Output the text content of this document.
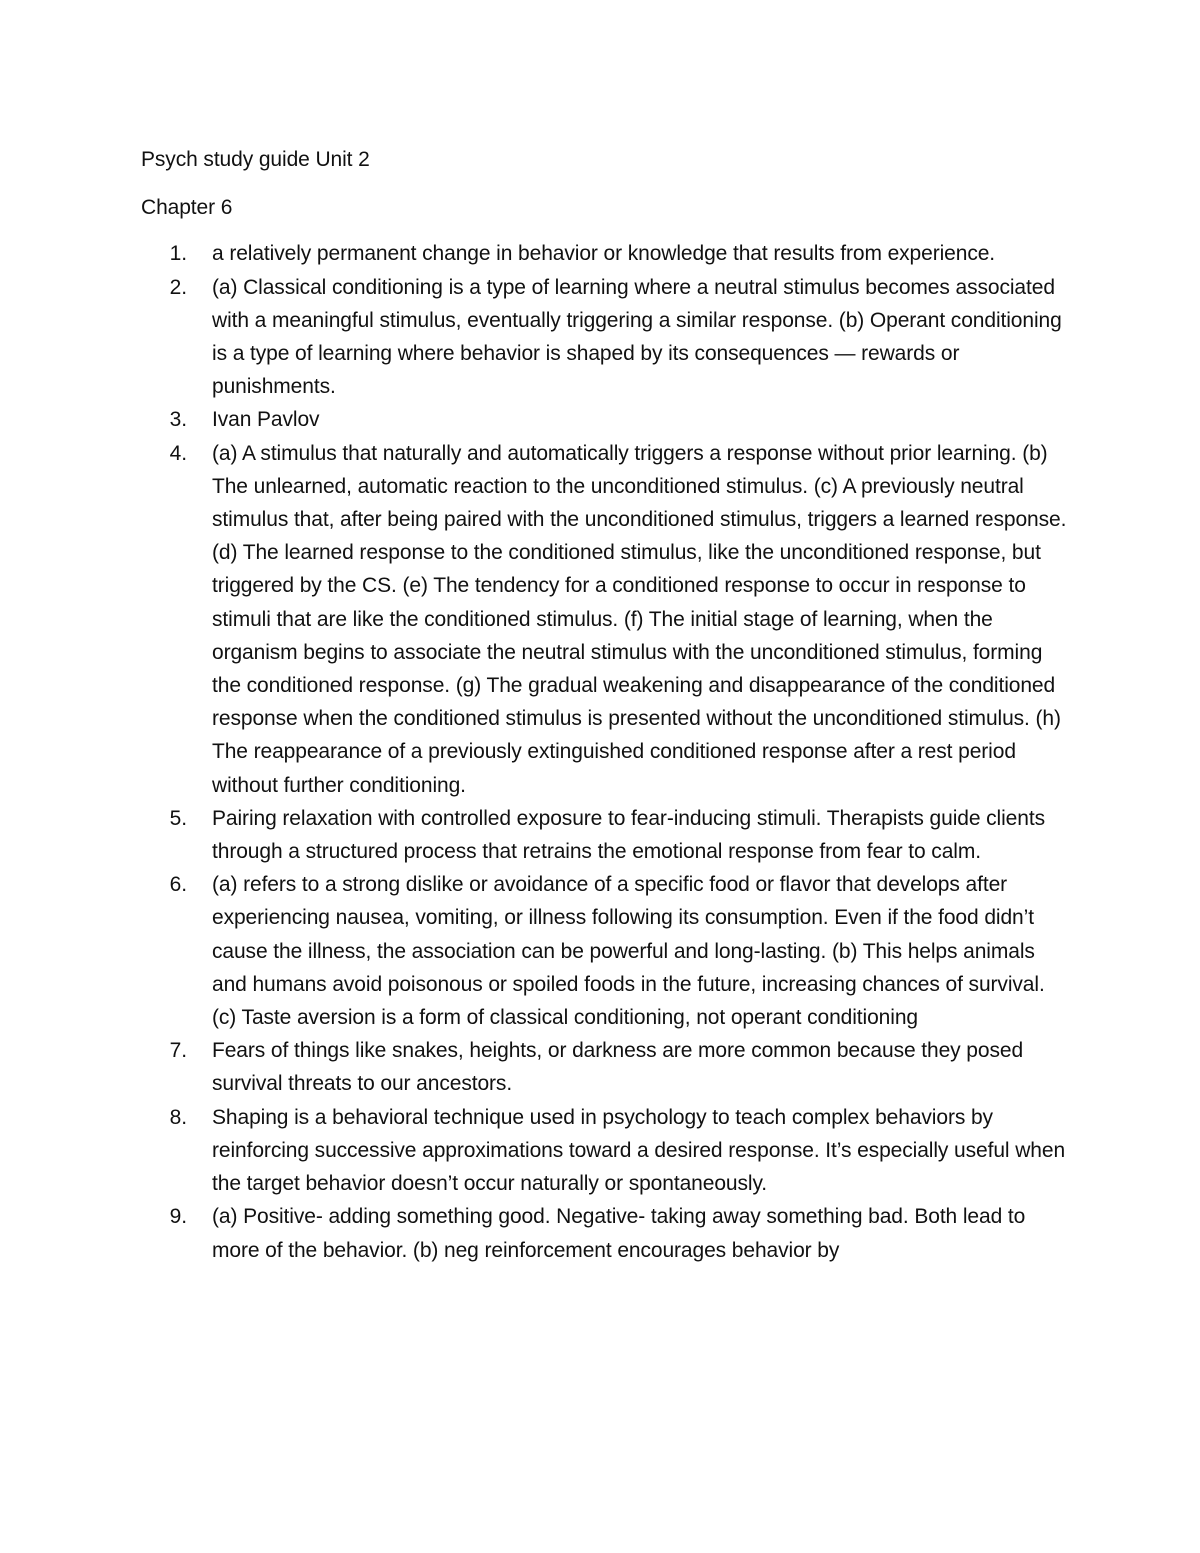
Psych study guide Unit 2
Chapter 6
1. a relatively permanent change in behavior or knowledge that results from experience.
2. (a) Classical conditioning is a type of learning where a neutral stimulus becomes associated with a meaningful stimulus, eventually triggering a similar response. (b) Operant conditioning is a type of learning where behavior is shaped by its consequences — rewards or punishments.
3. Ivan Pavlov
4. (a) A stimulus that naturally and automatically triggers a response without prior learning. (b) The unlearned, automatic reaction to the unconditioned stimulus. (c) A previously neutral stimulus that, after being paired with the unconditioned stimulus, triggers a learned response. (d) The learned response to the conditioned stimulus, like the unconditioned response, but triggered by the CS. (e) The tendency for a conditioned response to occur in response to stimuli that are like the conditioned stimulus. (f) The initial stage of learning, when the organism begins to associate the neutral stimulus with the unconditioned stimulus, forming the conditioned response. (g) The gradual weakening and disappearance of the conditioned response when the conditioned stimulus is presented without the unconditioned stimulus. (h) The reappearance of a previously extinguished conditioned response after a rest period without further conditioning.
5. Pairing relaxation with controlled exposure to fear-inducing stimuli. Therapists guide clients through a structured process that retrains the emotional response from fear to calm.
6. (a) refers to a strong dislike or avoidance of a specific food or flavor that develops after experiencing nausea, vomiting, or illness following its consumption. Even if the food didn’t cause the illness, the association can be powerful and long-lasting. (b) This helps animals and humans avoid poisonous or spoiled foods in the future, increasing chances of survival. (c) Taste aversion is a form of classical conditioning, not operant conditioning
7. Fears of things like snakes, heights, or darkness are more common because they posed survival threats to our ancestors.
8. Shaping is a behavioral technique used in psychology to teach complex behaviors by reinforcing successive approximations toward a desired response. It’s especially useful when the target behavior doesn’t occur naturally or spontaneously.
9. (a) Positive- adding something good. Negative- taking away something bad. Both lead to more of the behavior. (b) neg reinforcement encourages behavior by
